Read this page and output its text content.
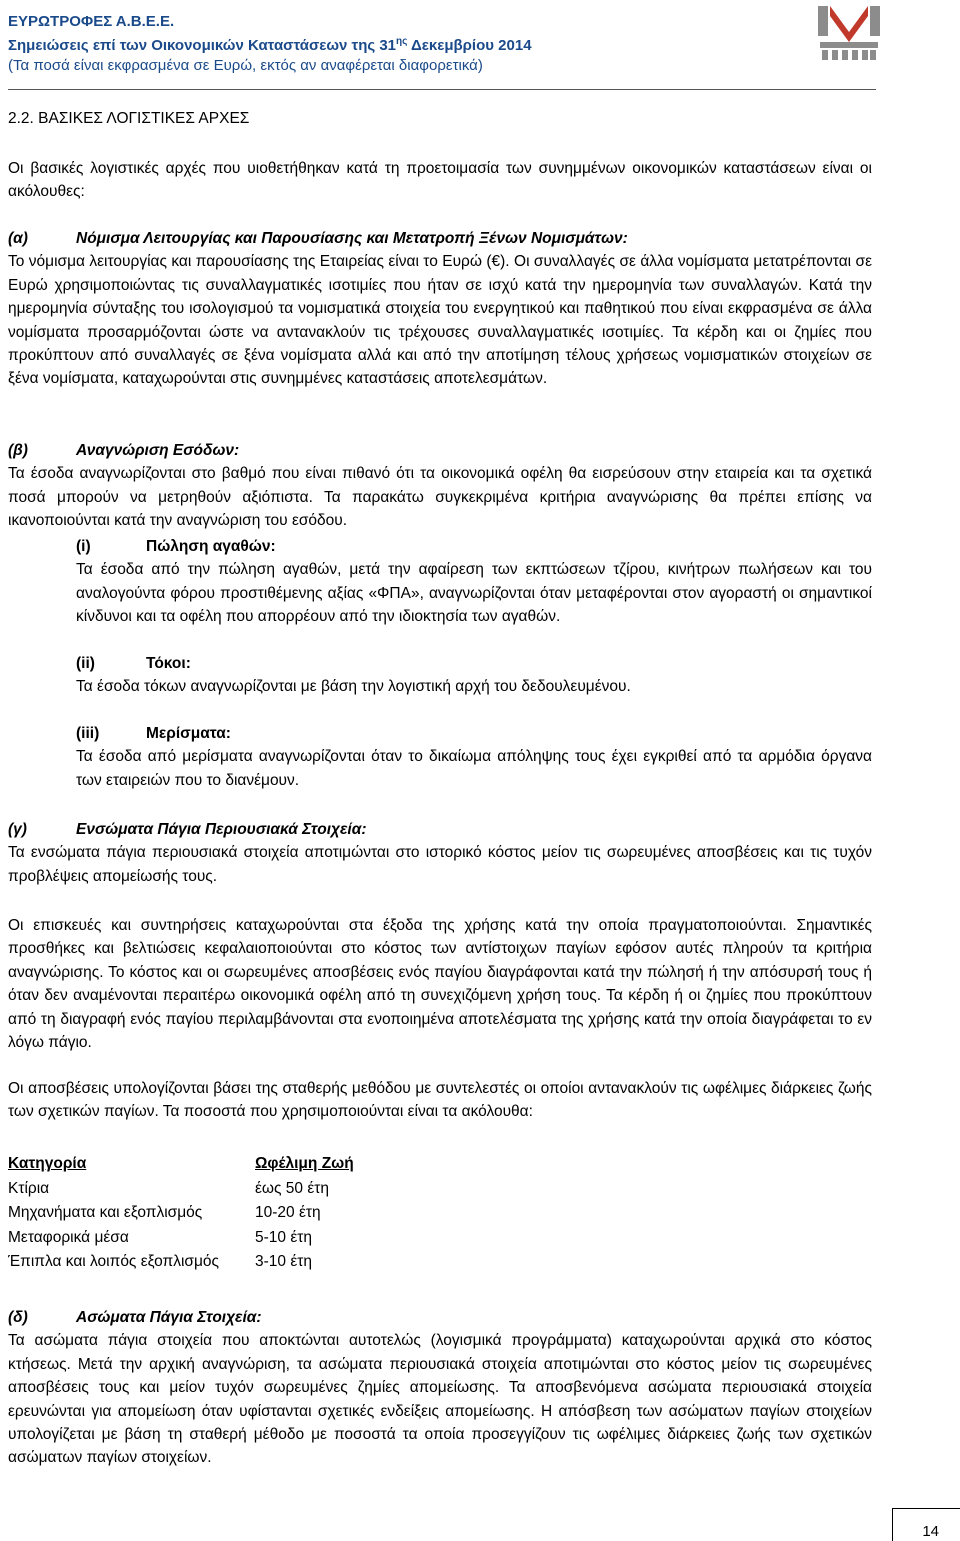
ΕΥΡΩΤΡΟΦΕΣ Α.Β.Ε.Ε.
Σημειώσεις επί των Οικονομικών Καταστάσεων της $31^{\eta\varsigma}$ Δεκεμβρίου 2014
(Τα ποσά είναι εκφρασμένα σε Ευρώ, εκτός αν αναφέρεται διαφορετικά)
2.2. ΒΑΣΙΚΕΣ ΛΟΓΙΣΤΙΚΕΣ ΑΡΧΕΣ
Οι βασικές λογιστικές αρχές που υιοθετήθηκαν κατά τη προετοιμασία των συνημμένων οικονομικών καταστάσεων είναι οι ακόλουθες:
(α)	Νόμισμα Λειτουργίας και Παρουσίασης και Μετατροπή Ξένων Νομισμάτων:
Το νόμισμα λειτουργίας και παρουσίασης της Εταιρείας είναι το Ευρώ (€). Οι συναλλαγές σε άλλα νομίσματα μετατρέπονται σε Ευρώ χρησιμοποιώντας τις συναλλαγματικές ισοτιμίες που ήταν σε ισχύ κατά την ημερομηνία των συναλλαγών. Κατά την ημερομηνία σύνταξης του ισολογισμού τα νομισματικά στοιχεία του ενεργητικού και παθητικού που είναι εκφρασμένα σε άλλα νομίσματα προσαρμόζονται ώστε να αντανακλούν τις τρέχουσες συναλλαγματικές ισοτιμίες. Τα κέρδη και οι ζημίες που προκύπτουν από συναλλαγές σε ξένα νομίσματα αλλά και από την αποτίμηση τέλους χρήσεως νομισματικών στοιχείων σε ξένα νομίσματα, καταχωρούνται στις συνημμένες καταστάσεις αποτελεσμάτων.
(β)	Αναγνώριση Εσόδων:
Τα έσοδα αναγνωρίζονται στο βαθμό που είναι πιθανό ότι τα οικονομικά οφέλη θα εισρεύσουν στην εταιρεία και τα σχετικά ποσά μπορούν να μετρηθούν αξιόπιστα. Τα παρακάτω συγκεκριμένα κριτήρια αναγνώρισης θα πρέπει επίσης να ικανοποιούνται κατά την αναγνώριση του εσόδου.
(i)	Πώληση αγαθών:
Τα έσοδα από την πώληση αγαθών, μετά την αφαίρεση των εκπτώσεων τζίρου, κινήτρων πωλήσεων και του αναλογούντα φόρου προστιθέμενης αξίας «ΦΠΑ», αναγνωρίζονται όταν μεταφέρονται στον αγοραστή οι σημαντικοί κίνδυνοι και τα οφέλη που απορρέουν από την ιδιοκτησία των αγαθών.
(ii)	Τόκοι:
Τα έσοδα τόκων αναγνωρίζονται με βάση την λογιστική αρχή του δεδουλευμένου.
(iii)	Μερίσματα:
Τα έσοδα από μερίσματα αναγνωρίζονται όταν το δικαίωμα απόληψης τους έχει εγκριθεί από τα αρμόδια όργανα των εταιρειών που το διανέμουν.
(γ)	Ενσώματα Πάγια Περιουσιακά Στοιχεία:
Τα ενσώματα πάγια περιουσιακά στοιχεία αποτιμώνται στο ιστορικό κόστος μείον τις σωρευμένες αποσβέσεις και τις τυχόν προβλέψεις απομείωσής τους.
Οι επισκευές και συντηρήσεις καταχωρούνται στα έξοδα της χρήσης κατά την οποία πραγματοποιούνται. Σημαντικές προσθήκες και βελτιώσεις κεφαλαιοποιούνται στο κόστος των αντίστοιχων παγίων εφόσον αυτές πληρούν τα κριτήρια αναγνώρισης. Το κόστος και οι σωρευμένες αποσβέσεις ενός παγίου διαγράφονται κατά την πώλησή ή την απόσυρσή τους ή όταν δεν αναμένονται περαιτέρω οικονομικά οφέλη από τη συνεχιζόμενη χρήση τους. Τα κέρδη ή οι ζημίες που προκύπτουν από τη διαγραφή ενός παγίου περιλαμβάνονται στα ενοποιημένα αποτελέσματα της χρήσης κατά την οποία διαγράφεται το εν λόγω πάγιο.
Οι αποσβέσεις υπολογίζονται βάσει της σταθερής μεθόδου με συντελεστές οι οποίοι αντανακλούν τις ωφέλιμες διάρκειες ζωής των σχετικών παγίων. Τα ποσοστά που χρησιμοποιούνται είναι τα ακόλουθα:
Κατηγορία	Ωφέλιμη Ζωή
Κτίρια	έως 50 έτη
Μηχανήματα και εξοπλισμός	10-20 έτη
Μεταφορικά μέσα	5-10 έτη
Έπιπλα και λοιπός εξοπλισμός	3-10 έτη
(δ)	Ασώματα Πάγια Στοιχεία:
Τα ασώματα πάγια στοιχεία που αποκτώνται αυτοτελώς (λογισμικά προγράμματα) καταχωρούνται αρχικά στο κόστος κτήσεως. Μετά την αρχική αναγνώριση, τα ασώματα περιουσιακά στοιχεία αποτιμώνται στο κόστος μείον τις σωρευμένες αποσβέσεις τους και μείον τυχόν σωρευμένες ζημίες απομείωσης. Τα αποσβενόμενα ασώματα περιουσιακά στοιχεία ερευνώνται για απομείωση όταν υφίστανται σχετικές ενδείξεις απομείωσης. Η απόσβεση των ασώματων παγίων στοιχείων υπολογίζεται με βάση τη σταθερή μέθοδο με ποσοστά τα οποία προσεγγίζουν τις ωφέλιμες διάρκειες ζωής των σχετικών ασώματων παγίων στοιχείων.
14
